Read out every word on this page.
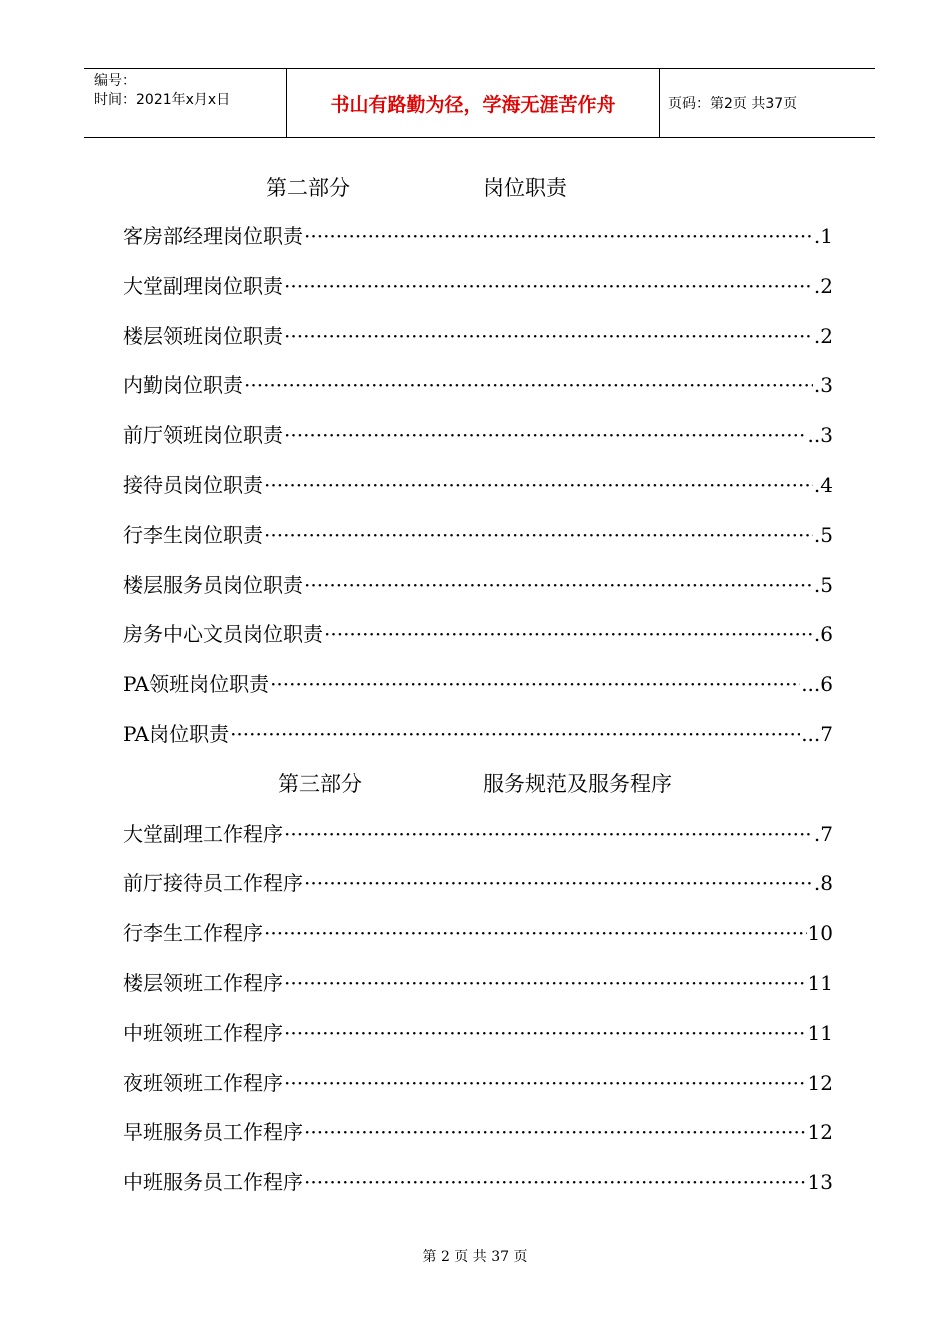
编号：
时间：2021年x月x日	书山有路勤为径，学海无涯苦作舟	页码：第2页 共37页
第二部分	岗位职责
第三部分	服务规范及服务程序
客房部经理岗位职责 ·····	.1
大堂副理岗位职责 ·····	.2
楼层领班岗位职责 ·····	.2
内勤岗位职责 ·····	.3
前厅领班岗位职责 ·····	..3
接待员岗位职责 ·····	.4
行李生岗位职责 ·····	.5
楼层服务员岗位职责 ·····	.5
房务中心文员岗位职责 ·····	.6
PA领班岗位职责 ·····	...6
PA岗位职责 ·····	...7
大堂副理工作程序 ·····	.7
前厅接待员工作程序 ·····	.8
行李生工作程序 ·····	10
楼层领班工作程序 ·····	11
中班领班工作程序 ·····	11
夜班领班工作程序 ·····	12
早班服务员工作程序 ·····	12
中班服务员工作程序 ·····	13
第 2 页 共 37 页
